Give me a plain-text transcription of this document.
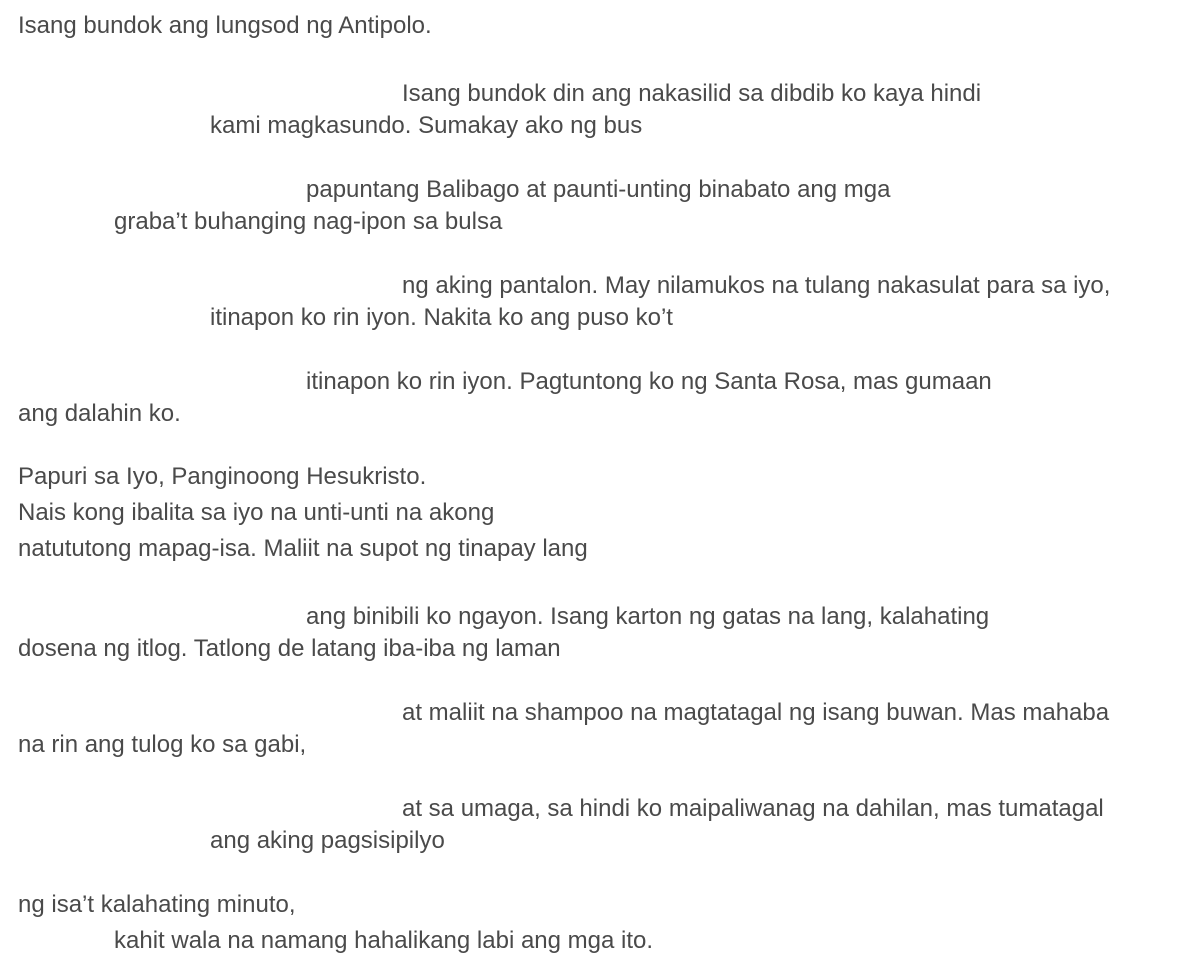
Isang bundok ang lungsod ng Antipolo.
Isang bundok din ang nakasilid sa dibdib ko kaya hindi
kami magkasundo. Sumakay ako ng bus
papuntang Balibago at paunti-unting binabato ang mga
graba’t buhanging nag-ipon sa bulsa
ng aking pantalon. May nilamukos na tulang nakasulat para sa iyo,
itinapon ko rin iyon. Nakita ko ang puso ko’t
itinapon ko rin iyon. Pagtuntong ko ng Santa Rosa, mas gumaan
ang dalahin ko.
Papuri sa Iyo, Panginoong Hesukristo.
Nais kong ibalita sa iyo na unti-unti na akong
natututong mapag-isa. Maliit na supot ng tinapay lang
ang binibili ko ngayon. Isang karton ng gatas na lang, kalahating
dosena ng itlog. Tatlong de latang iba-iba ng laman
at maliit na shampoo na magtatagal ng isang buwan. Mas mahaba
na rin ang tulog ko sa gabi,
at sa umaga, sa hindi ko maipaliwanag na dahilan, mas tumatagal
ang aking pagsisipilyo
ng isa’t kalahating minuto,
kahit wala na namang hahalikang labi ang mga ito.
